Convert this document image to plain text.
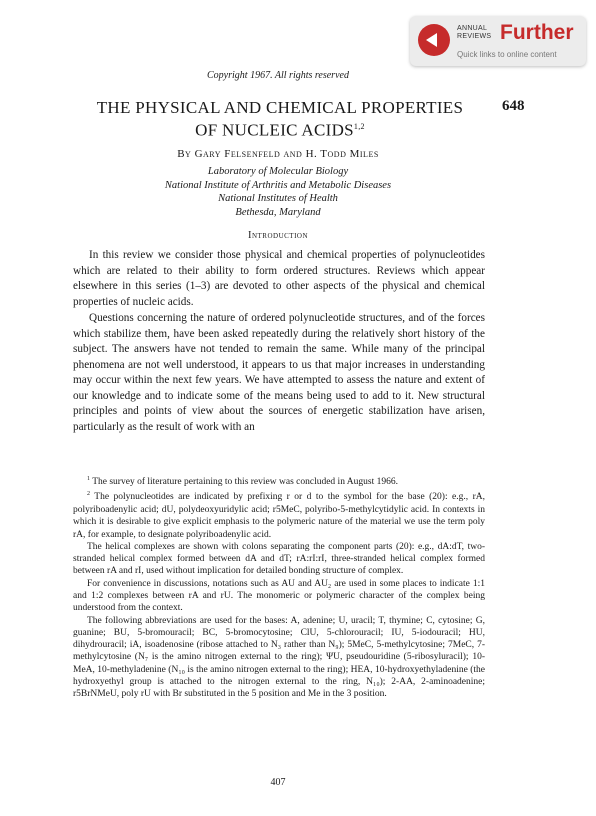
ANNUAL
REVIEWS Further
Quick links to online content
Copyright 1967. All rights reserved
THE PHYSICAL AND CHEMICAL PROPERTIES
OF NUCLEIC ACIDS$^{1,2}$
648
By Gary Felsenfeld and H. Todd Miles
Laboratory of Molecular Biology
National Institute of Arthritis and Metabolic Diseases
National Institutes of Health
Bethesda, Maryland
Introduction

In this review we consider those physical and chemical properties of polynucleotides which are related to their ability to form ordered structures. Reviews which appear elsewhere in this series (1–3) are devoted to other aspects of the physical and chemical properties of nucleic acids.

Questions concerning the nature of ordered polynucleotide structures, and of the forces which stabilize them, have been asked repeatedly during the relatively short history of the subject. The answers have not tended to remain the same. While many of the principal phenomena are not well understood, it appears to us that major increases in understanding may occur within the next few years. We have attempted to assess the nature and extent of our knowledge and to indicate some of the means being used to add to it. New structural principles and points of view about the sources of energetic stabilization have arisen, particularly as the result of work with an

$^1$ The survey of literature pertaining to this review was concluded in August 1966.

$^2$ The polynucleotides are indicated by prefixing r or d to the symbol for the base (20): e.g., rA, polyriboadenylic acid; dU, polydeoxyuridylic acid; r5MeC, polyribo-5-methylcytidylic acid. In contexts in which it is desirable to give explicit emphasis to the polymeric nature of the material we use the term poly rA, for example, to designate polyriboadenylic acid.

The helical complexes are shown with colons separating the component parts (20): e.g., dA:dT, two-stranded helical complex formed between dA and dT; rA:rI:rI, three-stranded helical complex formed between rA and rI, used without implication for detailed bonding structure of complex.

For convenience in discussions, notations such as AU and AU₂ are used in some places to indicate 1:1 and 1:2 complexes between rA and rU. The monomeric or polymeric character of the complex being understood from the context.

The following abbreviations are used for the bases: A, adenine; U, uracil; T, thymine; C, cytosine; G, guanine; BU, 5-bromouracil; BC, 5-bromocytosine; ClU, 5-chlorouracil; IU, 5-iodouracil; HU, dihydrouracil; iA, isoadenosine (ribose attached to N₃ rather than N₉); 5MeC, 5-methylcytosine; 7MeC, 7-methylcytosine (N₇ is the amino nitrogen external to the ring); ΨU, pseudouridine (5-ribosyluracil); 10-MeA, 10-methyladenine (N₁₀ is the amino nitrogen external to the ring); HEA, 10-hydroxyethyladenine (the hydroxyethyl group is attached to the nitrogen external to the ring, N₁₀); 2-AA, 2-aminoadenine; r5BrNMeU, poly rU with Br substituted in the 5 position and Me in the 3 position.

407
